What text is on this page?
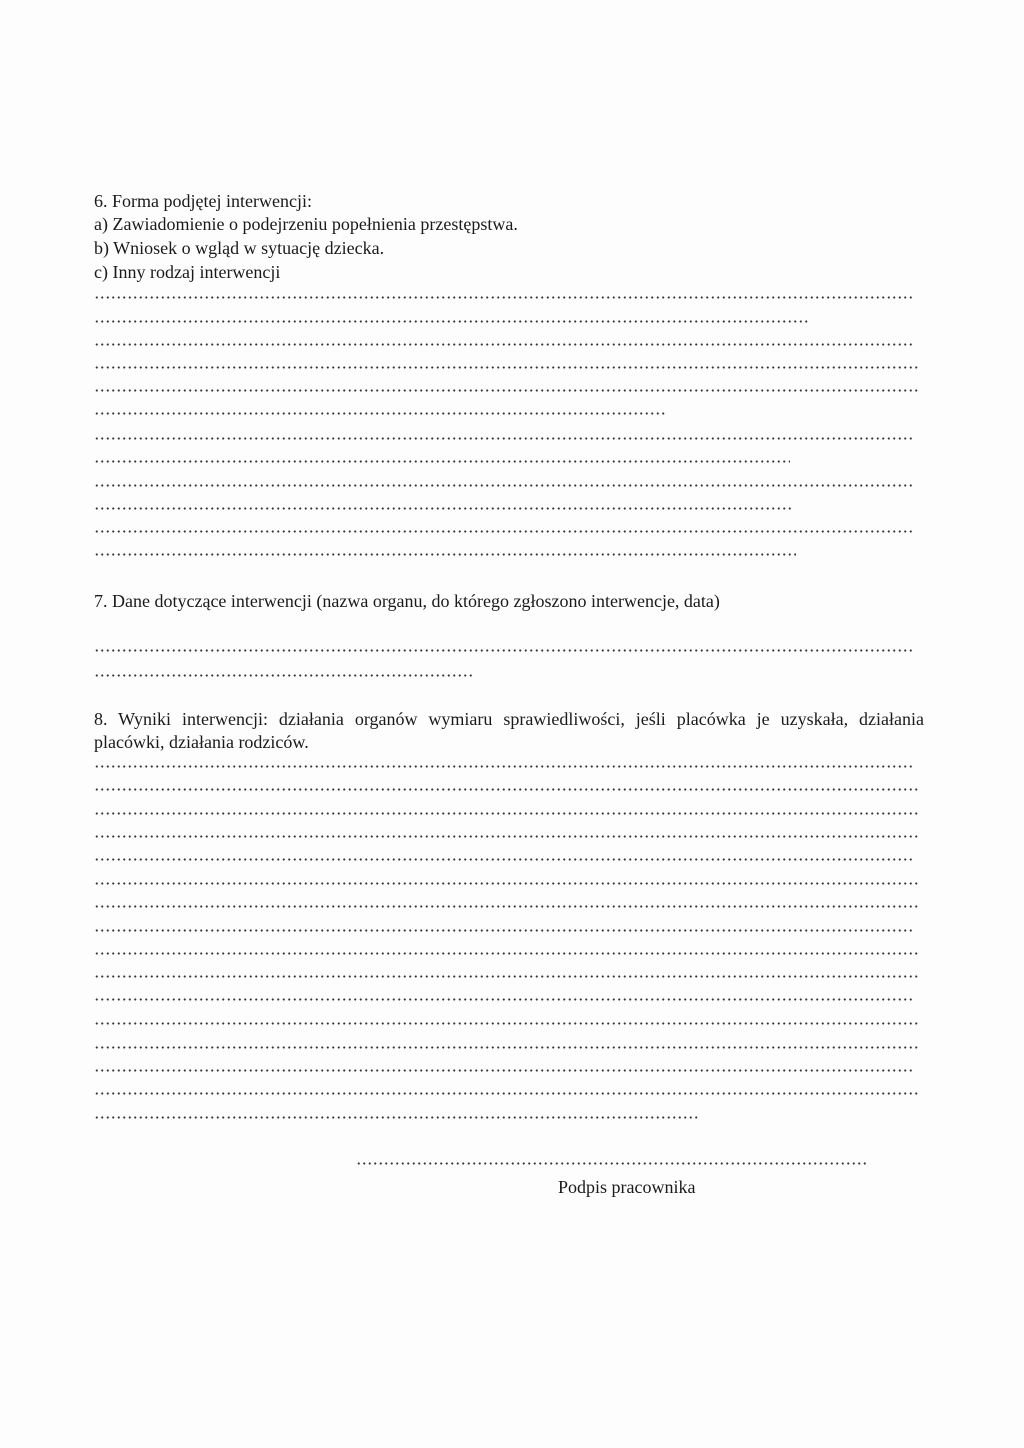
6. Forma podjętej interwencji:
a) Zawiadomienie o podejrzeniu popełnienia przestępstwa.
b) Wniosek o wgląd w sytuację dziecka.
c) Inny rodzaj interwencji
7. Dane dotyczące interwencji (nazwa organu, do którego zgłoszono interwencje, data)
8. Wyniki interwencji: działania organów wymiaru sprawiedliwości, jeśli placówka je uzyskała, działania placówki, działania rodziców.
Podpis pracownika
